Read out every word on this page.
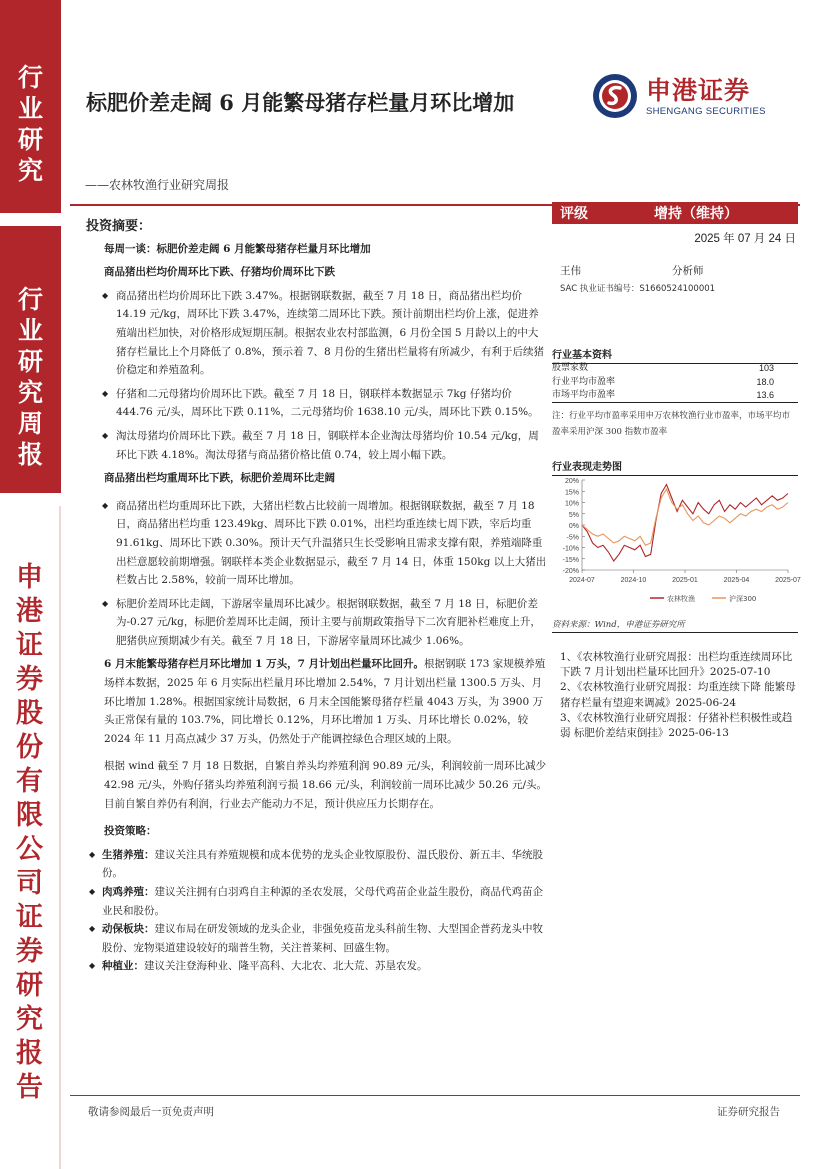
行
业
研
究
行
业
研
究
周
报
申
港
证
券
股
份
有
限
公
司
证
券
研
究
报
告
标肥价差走阔 6 月能繁母猪存栏量月环比增加
——农林牧渔行业研究周报
申港证券
SHENGANG SECURITIES
投资摘要：
每周一谈：标肥价差走阔 6 月能繁母猪存栏量月环比增加
商品猪出栏均价周环比下跌、仔猪均价周环比下跌
◆ 商品猪出栏均价周环比下跌 3.47%。根据钢联数据，截至 7 月 18 日，商品猪出栏均价 14.19 元/kg，周环比下跌 3.47%，连续第二周环比下跌。预计前期出栏均价上涨，促进养殖端出栏加快，对价格形成短期压制。根据农业农村部监测，6 月份全国 5 月龄以上的中大猪存栏量比上个月降低了 0.8%，预示着 7、8 月份的生猪出栏量将有所减少，有利于后续猪价稳定和养殖盈利。
◆ 仔猪和二元母猪均价周环比下跌。截至 7 月 18 日，钢联样本数据显示 7kg 仔猪均价 444.76 元/头，周环比下跌 0.11%，二元母猪均价 1638.10 元/头，周环比下跌 0.15%。
◆ 淘汰母猪均价周环比下跌。截至 7 月 18 日，钢联样本企业淘汰母猪均价 10.54 元/kg，周环比下跌 4.18%。淘汰母猪与商品猪价格比值 0.74，较上周小幅下跌。
商品猪出栏均重周环比下跌，标肥价差周环比走阔
◆ 商品猪出栏均重周环比下跌，大猪出栏数占比较前一周增加。根据钢联数据，截至 7 月 18 日，商品猪出栏均重 123.49kg、周环比下跌 0.01%，出栏均重连续七周下跌，宰后均重 91.61kg、周环比下跌 0.30%。预计天气升温猪只生长受影响且需求支撑有限，养殖端降重出栏意愿较前期增强。钢联样本类企业数据显示，截至 7 月 14 日，体重 150kg 以上大猪出栏数占比 2.58%，较前一周环比增加。
◆ 标肥价差周环比走阔，下游屠宰量周环比减少。根据钢联数据，截至 7 月 18 日，标肥价差为-0.27 元/kg，标肥价差周环比走阔，预计主要与前期政策指导下二次育肥补栏难度上升，肥猪供应预期减少有关。截至 7 月 18 日，下游屠宰量周环比减少 1.06%。
6 月末能繁母猪存栏月环比增加 1 万头，7 月计划出栏量环比回升。根据钢联 173 家规模养殖场样本数据，2025 年 6 月实际出栏量月环比增加 2.54%，7 月计划出栏量 1300.5 万头、月环比增加 1.28%。根据国家统计局数据，6 月末全国能繁母猪存栏量 4043 万头，为 3900 万头正常保有量的 103.7%，同比增长 0.12%，月环比增加 1 万头、月环比增长 0.02%，较 2024 年 11 月高点减少 37 万头，仍然处于产能调控绿色合理区域的上限。
根据 wind 截至 7 月 18 日数据，自繁自养头均养殖利润 90.89 元/头，利润较前一周环比减少 42.98 元/头，外购仔猪头均养殖利润亏损 18.66 元/头，利润较前一周环比减少 50.26 元/头。目前自繁自养仍有利润，行业去产能动力不足，预计供应压力长期存在。
投资策略：
◆ 生猪养殖：建议关注具有养殖规模和成本优势的龙头企业牧原股份、温氏股份、新五丰、华统股份。
◆ 肉鸡养殖：建议关注拥有白羽鸡自主种源的圣农发展，父母代鸡苗企业益生股份，商品代鸡苗企业民和股份。
◆ 动保板块：建议布局在研发领域的龙头企业，非强免疫苗龙头科前生物、大型国企普药龙头中牧股份、宠物渠道建设较好的瑞普生物，关注普莱柯、回盛生物。
◆ 种植业：建议关注登海种业、隆平高科、大北农、北大荒、苏垦农发。
评级	增持（维持）
2025 年 07 月 24 日
王伟	分析师
SAC 执业证书编号：S1660524100001
行业基本资料
股票家数	103
行业平均市盈率	18.0
市场平均市盈率	13.6
注：行业平均市盈率采用申万农林牧渔行业市盈率，市场平均市盈率采用沪深 300 指数市盈率
行业表现走势图
-20%
-15%
-10%
-5%
0%
5%
10%
15%
20%
2024-07	2024-10	2025-01	2025-04	2025-07
农林牧渔	沪深300
资料来源：Wind，申港证券研究所
1、《农林牧渔行业研究周报：出栏均重连续周环比下跌 7 月计划出栏量环比回升》2025-07-10
2、《农林牧渔行业研究周报：均重连续下降 能繁母猪存栏量有望迎来调减》2025-06-24
3、《农林牧渔行业研究周报：仔猪补栏积极性或趋弱 标肥价差结束倒挂》2025-06-13
敬请参阅最后一页免责声明	证券研究报告
